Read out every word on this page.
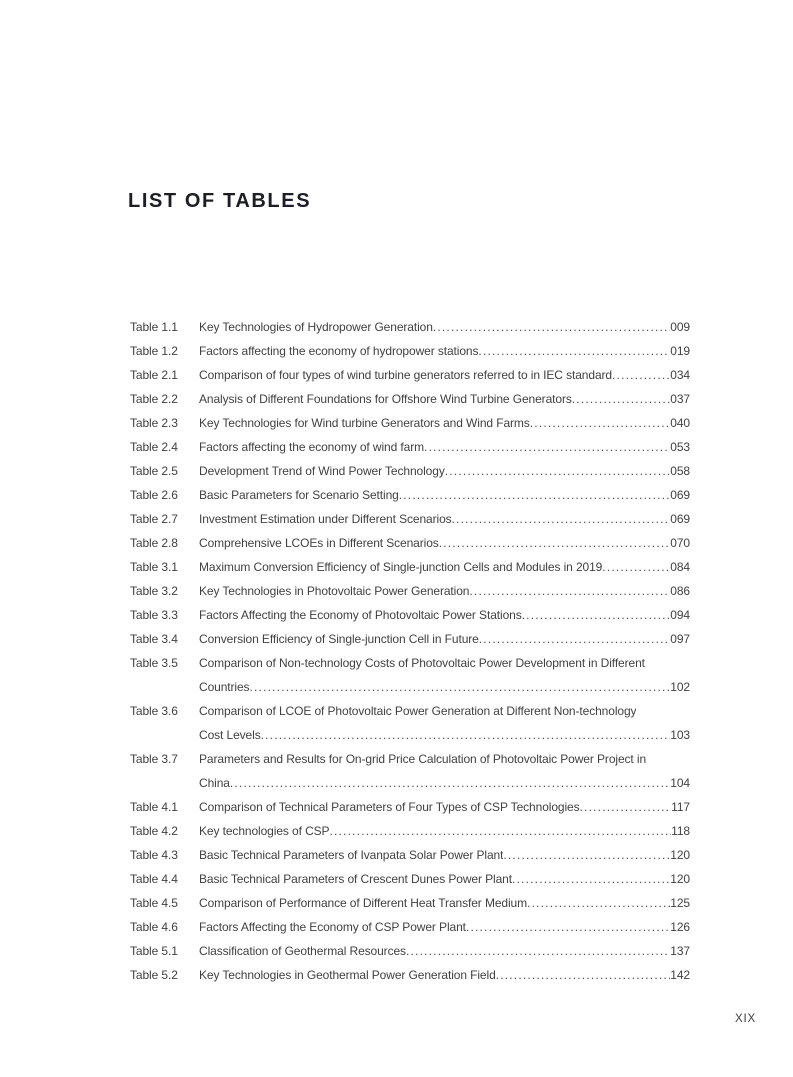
LIST OF TABLES
Table 1.1	Key Technologies of Hydropower Generation .....	009
Table 1.2	Factors affecting the economy of hydropower stations .....	019
Table 2.1	Comparison of four types of wind turbine generators referred to in IEC standard .....	034
Table 2.2	Analysis of Different Foundations for Offshore Wind Turbine Generators .....	037
Table 2.3	Key Technologies for Wind turbine Generators and Wind Farms .....	040
Table 2.4	Factors affecting the economy of wind farm .....	053
Table 2.5	Development Trend of Wind Power Technology .....	058
Table 2.6	Basic Parameters for Scenario Setting .....	069
Table 2.7	Investment Estimation under Different Scenarios .....	069
Table 2.8	Comprehensive LCOEs in Different Scenarios .....	070
Table 3.1	Maximum Conversion Efficiency of Single-junction Cells and Modules in 2019 .....	084
Table 3.2	Key Technologies in Photovoltaic Power Generation .....	086
Table 3.3	Factors Affecting the Economy of Photovoltaic Power Stations .....	094
Table 3.4	Conversion Efficiency of Single-junction Cell in Future .....	097
Table 3.5	Comparison of Non-technology Costs of Photovoltaic Power Development in Different
Countries .....	102
Table 3.6	Comparison of LCOE of Photovoltaic Power Generation at Different Non-technology
Cost Levels .....	103
Table 3.7	Parameters and Results for On-grid Price Calculation of Photovoltaic Power Project in
China .....	104
Table 4.1	Comparison of Technical Parameters of Four Types of CSP Technologies .....	117
Table 4.2	Key technologies of CSP .....	118
Table 4.3	Basic Technical Parameters of Ivanpata Solar Power Plant .....	120
Table 4.4	Basic Technical Parameters of Crescent Dunes Power Plant .....	120
Table 4.5	Comparison of Performance of Different Heat Transfer Medium .....	125
Table 4.6	Factors Affecting the Economy of CSP Power Plant .....	126
Table 5.1	Classification of Geothermal Resources .....	137
Table 5.2	Key Technologies in Geothermal Power Generation Field .....	142
XIX
